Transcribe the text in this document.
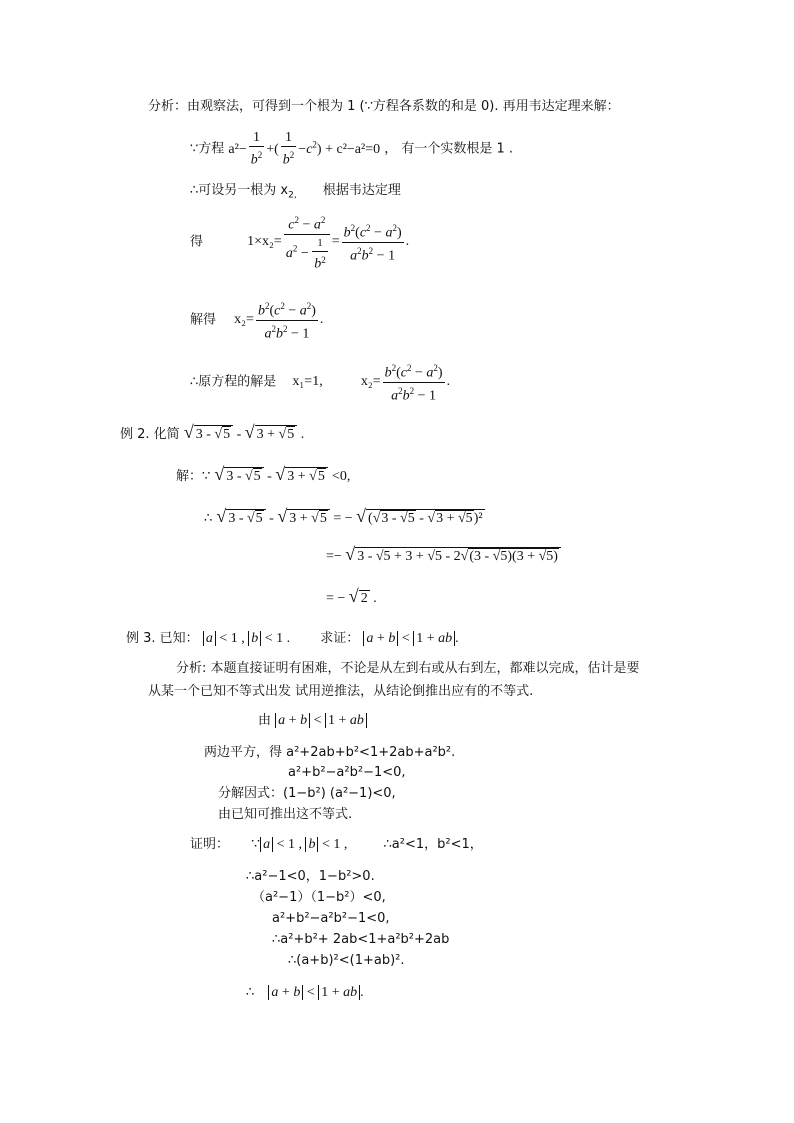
分析：由观察法，可得到一个根为 1 (∵方程各系数的和是 0). 再用韦达定理来解：
∵方程 $a^2- \frac{1}{b^2}$ +( $\frac{1}{b^2} -c^2) + c^2-a^2=0$ ， 有一个实数根是 1 .
∴可设另一根为 $x_{2,}$ 根据韦达定理
得	$1\times x_2= \frac{c^2 - a^2}{a^2 - \frac{1}{b^2}} = \frac{b^2(c^2 - a^2)}{a^2b^2 - 1}$ .
解得 $x_2= \frac{b^2(c^2 - a^2)}{a^2b^2 - 1}$ .
∴原方程的解是 x₁=1,	$x_2= \frac{b^2(c^2 - a^2)}{a^2b^2 - 1}$ .
例 2. 化简 √ 3 - √5 - √ 3 + √5 .
解：∵ √ 3 - √5 - √ 3 + √5 <0,
∴ √ 3 - √5 - √ 3 + √5 = − √ (√3 - √5 - √3 + √5)²
=− √ 3 - √5 + 3 + √5 - 2√(3 - √5)(3 + √5)
= − √ 2 .
例 3. 已知： a < 1 , b < 1 . 求证： a + b < 1 + ab .
分析: 本题直接证明有困难，不论是从左到右或从右到左，都难以完成，估计是要
从某一个已知不等式出发 试用逆推法，从结论倒推出应有的不等式.
由 a + b < 1 + ab
两边平方，得 a²+2ab+b²<1+2ab+a²b².
a²+b²−a²b²−1<0,
分解因式：(1−b²) (a²−1)<0,
由已知可推出这不等式.
证明： ∵ a < 1 , b < 1 ,	∴a²<1，b²<1，
∴a²−1<0，1−b²>0.
（a²−1）（1−b²）<0,
a²+b²−a²b²−1<0,
∴a²+b²+ 2ab<1+a²b²+2ab
∴(a+b)²<(1+ab)².
∴ a + b < 1 + ab .
